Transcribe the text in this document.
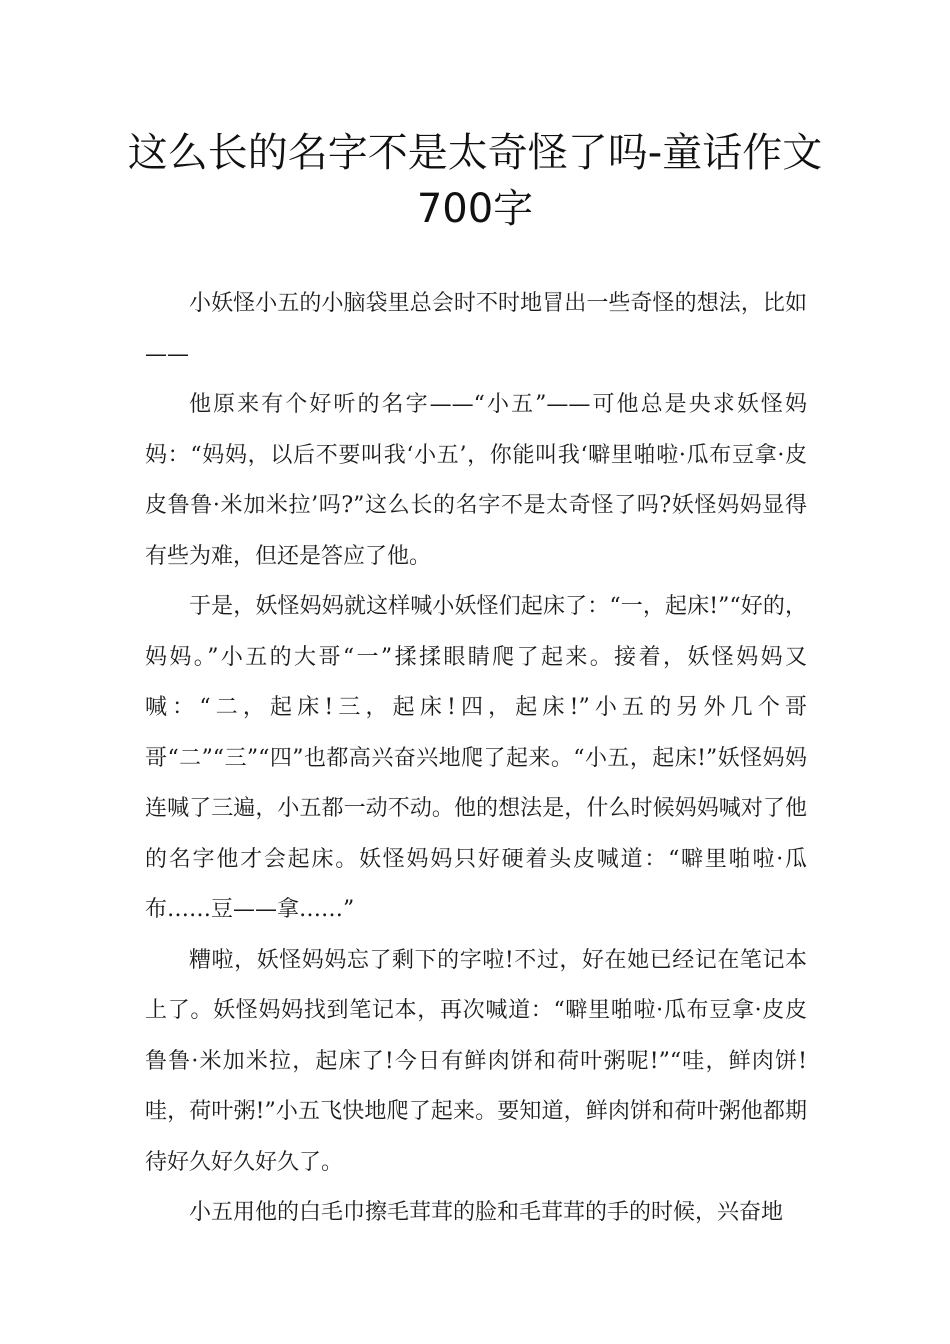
这么长的名字不是太奇怪了吗-童话作文700字

小妖怪小五的小脑袋里总会时不时地冒出一些奇怪的想法，比如——

他原来有个好听的名字——“小五”——可他总是央求妖怪妈妈：“妈妈，以后不要叫我‘小五’，你能叫我‘噼里啪啦·瓜布豆拿·皮皮鲁鲁·米加米拉’吗?”这么长的名字不是太奇怪了吗?妖怪妈妈显得有些为难，但还是答应了他。

于是，妖怪妈妈就这样喊小妖怪们起床了：“一，起床!”“好的，妈妈。”小五的大哥“一”揉揉眼睛爬了起来。接着，妖怪妈妈又喊：“二，起床!三，起床!四，起床!”小五的另外几个哥哥“二”“三”“四”也都高兴奋兴地爬了起来。“小五，起床!”妖怪妈妈连喊了三遍，小五都一动不动。他的想法是，什么时候妈妈喊对了他的名字他才会起床。妖怪妈妈只好硬着头皮喊道：“噼里啪啦·瓜布……豆——拿……”

糟啦，妖怪妈妈忘了剩下的字啦!不过，好在她已经记在笔记本上了。妖怪妈妈找到笔记本，再次喊道：“噼里啪啦·瓜布豆拿·皮皮鲁鲁·米加米拉，起床了!今日有鲜肉饼和荷叶粥呢!”“哇，鲜肉饼!哇，荷叶粥!”小五飞快地爬了起来。要知道，鲜肉饼和荷叶粥他都期待好久好久好久了。

小五用他的白毛巾擦毛茸茸的脸和毛茸茸的手的时候，兴奋地
